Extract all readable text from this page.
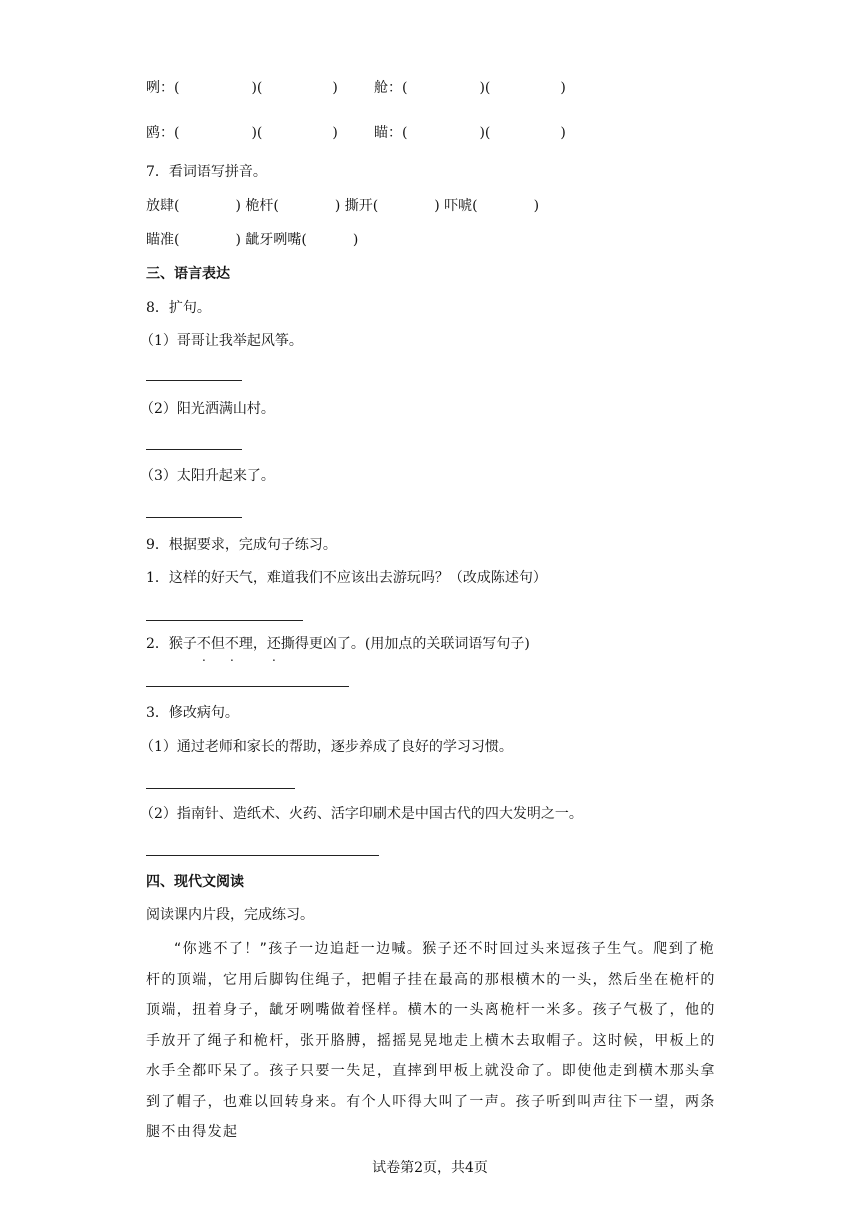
咧：(	)(	)	舱：(	)(	)
鸥：(	)(	)	瞄：(	)(	)
7．看词语写拼音。
放肆(	) 桅杆(	) 撕开(	) 吓唬(	)
瞄准(	) 龇牙咧嘴(	)
三、语言表达
8．扩句。
（1）哥哥让我举起风筝。
（2）阳光洒满山村。
（3）太阳升起来了。
9．根据要求，完成句子练习。
1．这样的好天气，难道我们不应该出去游玩吗？（改成陈述句）
2．猴子不但不理，还撕得更凶了。(用加点的关联词语写句子)
3．修改病句。
（1）通过老师和家长的帮助，逐步养成了良好的学习习惯。
（2）指南针、造纸术、火药、活字印刷术是中国古代的四大发明之一。
四、现代文阅读
阅读课内片段，完成练习。
“你逃不了！”孩子一边追赶一边喊。猴子还不时回过头来逗孩子生气。爬到了桅杆的顶端，它用后脚钩住绳子，把帽子挂在最高的那根横木的一头，然后坐在桅杆的顶端，扭着身子，龇牙咧嘴做着怪样。横木的一头离桅杆一米多。孩子气极了，他的手放开了绳子和桅杆，张开胳膊，摇摇晃晃地走上横木去取帽子。这时候，甲板上的水手全都吓呆了。孩子只要一失足，直摔到甲板上就没命了。即使他走到横木那头拿到了帽子，也难以回转身来。有个人吓得大叫了一声。孩子听到叫声往下一望，两条腿不由得发起
试卷第2页，共4页
